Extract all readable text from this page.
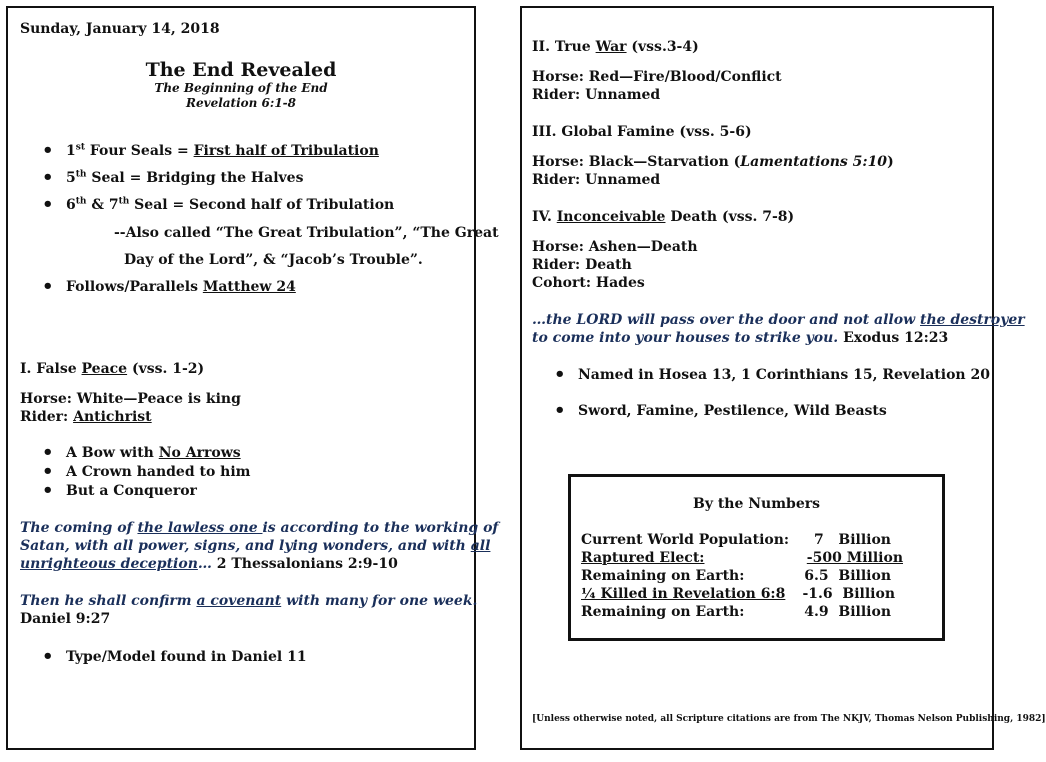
Sunday, January 14, 2018
The End Revealed
The Beginning of the End
Revelation 6:1-8
• 1st Four Seals = First half of Tribulation
• 5th Seal = Bridging the Halves
• 6th & 7th Seal = Second half of Tribulation
--Also called “The Great Tribulation”, “The Great
Day of the Lord”, & “Jacob’s Trouble”.
• Follows/Parallels Matthew 24
I. False Peace (vss. 1-2)
Horse: White—Peace is king
Rider: Antichrist
• A Bow with No Arrows
• A Crown handed to him
• But a Conqueror
The coming of the lawless one is according to the working of
Satan, with all power, signs, and lying wonders, and with all
unrighteous deception… 2 Thessalonians 2:9-10
Then he shall confirm a covenant with many for one week.
Daniel 9:27
• Type/Model found in Daniel 11
II. True War (vss.3-4)
Horse: Red—Fire/Blood/Conflict
Rider: Unnamed
III. Global Famine (vss. 5-6)
Horse: Black—Starvation (Lamentations 5:10)
Rider: Unnamed
IV. Inconceivable Death (vss. 7-8)
Horse: Ashen—Death
Rider: Death
Cohort: Hades
…the LORD will pass over the door and not allow the destroyer
to come into your houses to strike you. Exodus 12:23
• Named in Hosea 13, 1 Corinthians 15, Revelation 20
• Sword, Famine, Pestilence, Wild Beasts
By the Numbers
Current World Population: 7   Billion
Raptured Elect:	-500 Million
Remaining on Earth:	6.5  Billion
¼ Killed in Revelation 6:8	-1.6  Billion
Remaining on Earth:	4.9  Billion
[Unless otherwise noted, all Scripture citations are from The NKJV, Thomas Nelson Publishing, 1982]
